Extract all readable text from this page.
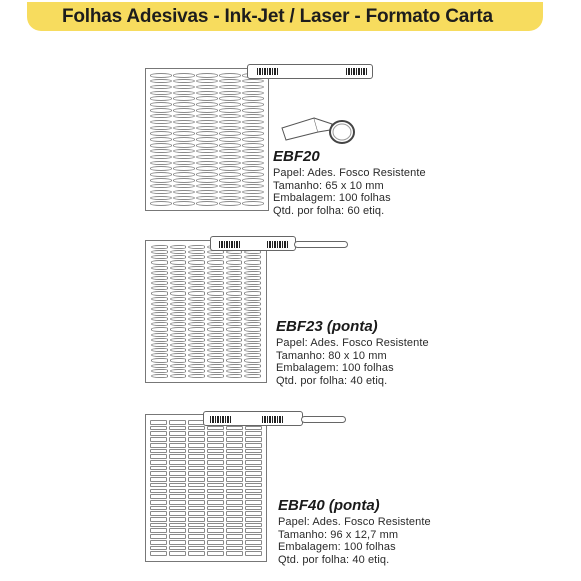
Folhas Adesivas - Ink-Jet / Laser - Formato Carta
EBF20
Papel: Ades. Fosco Resistente
Tamanho: 65 x 10 mm
Embalagem: 100 folhas
Qtd. por folha: 60 etiq.
EBF23 (ponta)
Papel: Ades. Fosco Resistente
Tamanho: 80 x 10 mm
Embalagem: 100 folhas
Qtd. por folha: 40 etiq.
EBF40 (ponta)
Papel: Ades. Fosco Resistente
Tamanho: 96 x 12,7 mm
Embalagem: 100 folhas
Qtd. por folha: 40 etiq.
